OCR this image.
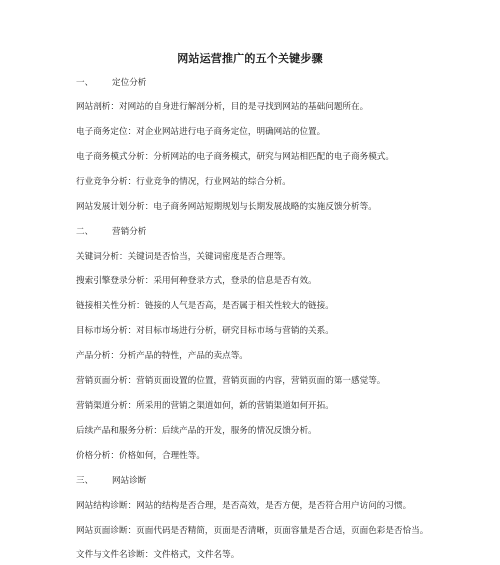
网站运营推广的五个关键步骤
一、 定位分析
网站剖析：对网站的自身进行解剖分析，目的是寻找到网站的基础问题所在。
电子商务定位：对企业网站进行电子商务定位，明确网站的位置。
电子商务模式分析：分析网站的电子商务模式，研究与网站相匹配的电子商务模式。
行业竞争分析：行业竞争的情况，行业网站的综合分析。
网站发展计划分析：电子商务网站短期规划与长期发展战略的实施反馈分析等。
二、 营销分析
关键词分析：关键词是否恰当，关键词密度是否合理等。
搜索引擎登录分析：采用何种登录方式，登录的信息是否有效。
链接相关性分析：链接的人气是否高，是否属于相关性较大的链接。
目标市场分析：对目标市场进行分析，研究目标市场与营销的关系。
产品分析：分析产品的特性，产品的卖点等。
营销页面分析：营销页面设置的位置，营销页面的内容，营销页面的第一感觉等。
营销渠道分析：所采用的营销之渠道如何，新的营销渠道如何开拓。
后续产品和服务分析：后续产品的开发，服务的情况反馈分析。
价格分析：价格如何，合理性等。
三、 网站诊断
网站结构诊断：网站的结构是否合理，是否高效，是否方便，是否符合用户访问的习惯。
网站页面诊断：页面代码是否精简，页面是否清晰，页面容量是否合适，页面色彩是否恰当。
文件与文件名诊断：文件格式，文件名等。
